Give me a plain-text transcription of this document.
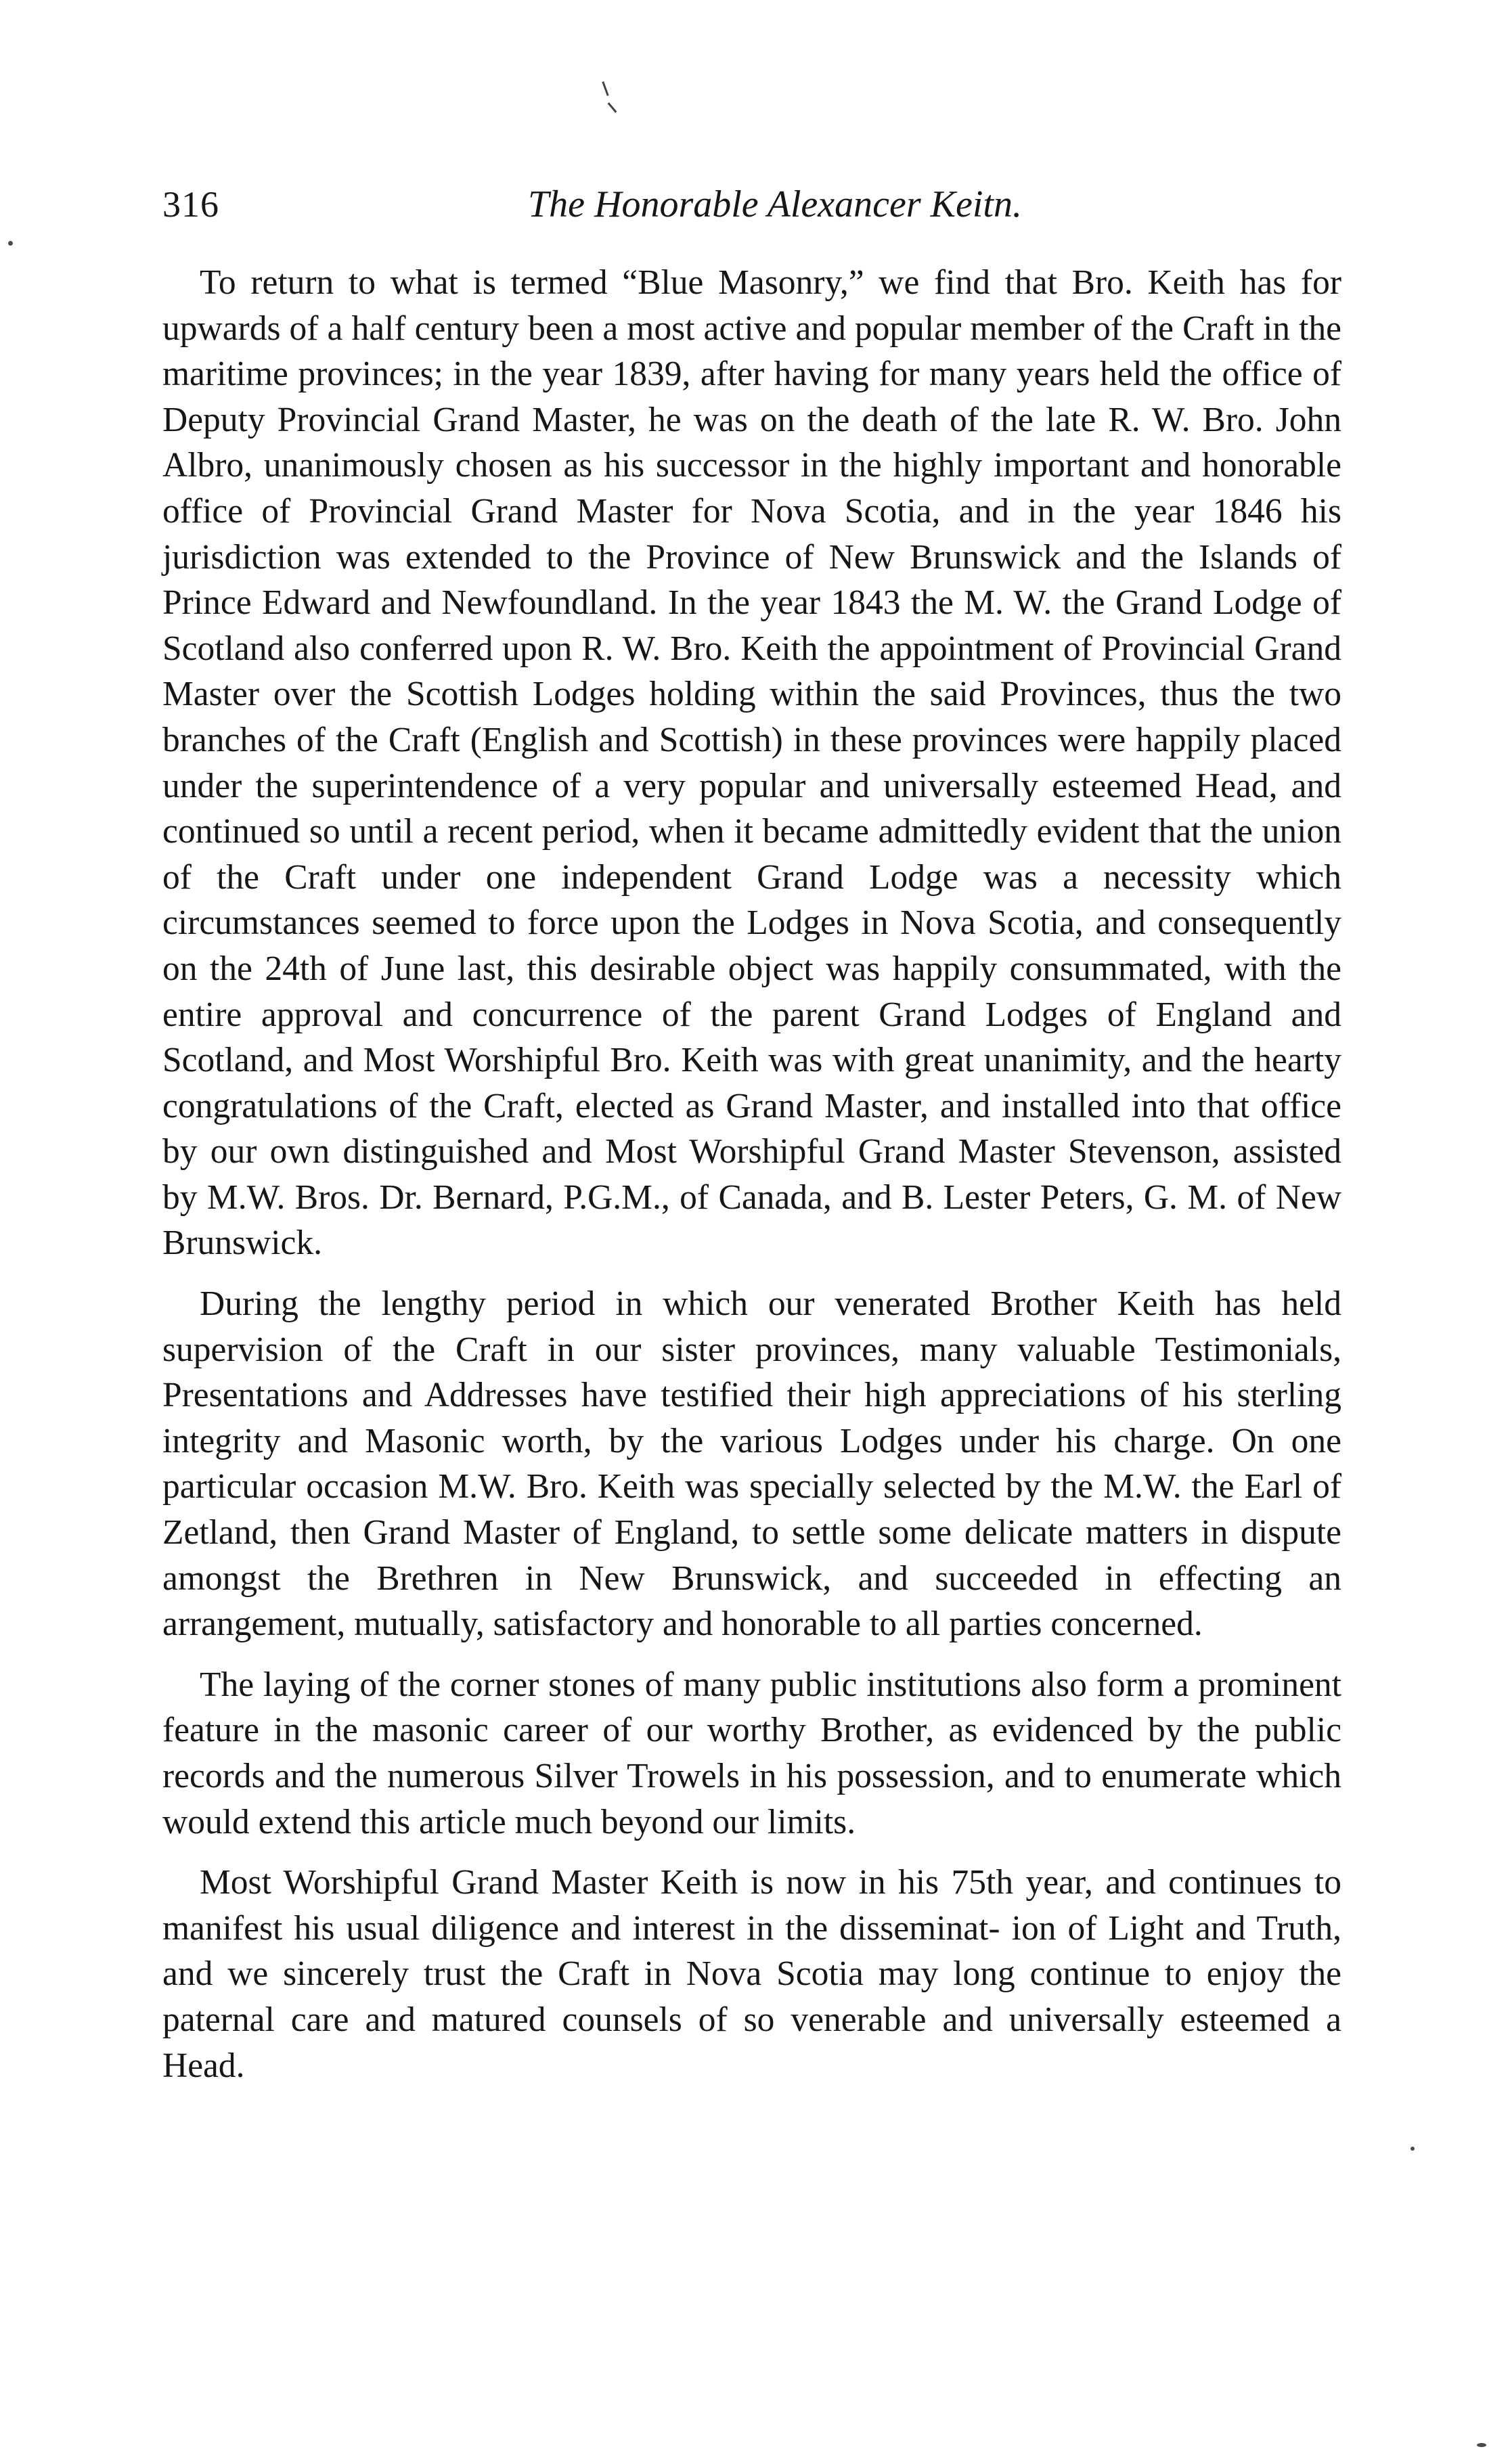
316	The Honorable Alexancer Keitn.

To return to what is termed “Blue Masonry,” we find that Bro. Keith has for upwards of a half century been a most active and popular member of the Craft in the maritime provinces; in the year 1839, after having for many years held the office of Deputy Provincial Grand Master, he was on the death of the late R. W. Bro. John Albro, unanimously chosen as his successor in the highly important and honorable office of Provincial Grand Master for Nova Scotia, and in the year 1846 his jurisdiction was extended to the Province of New Brunswick and the Islands of Prince Edward and Newfoundland. In the year 1843 the M. W. the Grand Lodge of Scotland also conferred upon R. W. Bro. Keith the appointment of Provincial Grand Master over the Scottish Lodges holding within the said Provinces, thus the two branches of the Craft (English and Scottish) in these provinces were happily placed under the superintendence of a very popular and universally esteemed Head, and continued so until a recent period, when it became admittedly evident that the union of the Craft under one independent Grand Lodge was a necessity which circumstances seemed to force upon the Lodges in Nova Scotia, and consequently on the 24th of June last, this desirable object was happily consummated, with the entire approval and concurrence of the parent Grand Lodges of England and Scotland, and Most Worshipful Bro. Keith was with great unanimity, and the hearty congratulations of the Craft, elected as Grand Master, and installed into that office by our own distinguished and Most Worshipful Grand Master Stevenson, assisted by M.W. Bros. Dr. Bernard, P.G.M., of Canada, and B. Lester Peters, G. M. of New Brunswick.

During the lengthy period in which our venerated Brother Keith has held supervision of the Craft in our sister provinces, many valuable Testimonials, Presentations and Addresses have testified their high appreciations of his sterling integrity and Masonic worth, by the various Lodges under his charge. On one particular occasion M.W. Bro. Keith was specially selected by the M.W. the Earl of Zetland, then Grand Master of England, to settle some delicate matters in dispute amongst the Brethren in New Brunswick, and succeeded in effecting an arrangement, mutually, satisfactory and honorable to all parties concerned.

The laying of the corner stones of many public institutions also form a prominent feature in the masonic career of our worthy Brother, as evidenced by the public records and the numerous Silver Trowels in his possession, and to enumerate which would extend this article much beyond our limits.

Most Worshipful Grand Master Keith is now in his 75th year, and continues to manifest his usual diligence and interest in the disseminat- ion of Light and Truth, and we sincerely trust the Craft in Nova Scotia may long continue to enjoy the paternal care and matured counsels of so venerable and universally esteemed a Head.
